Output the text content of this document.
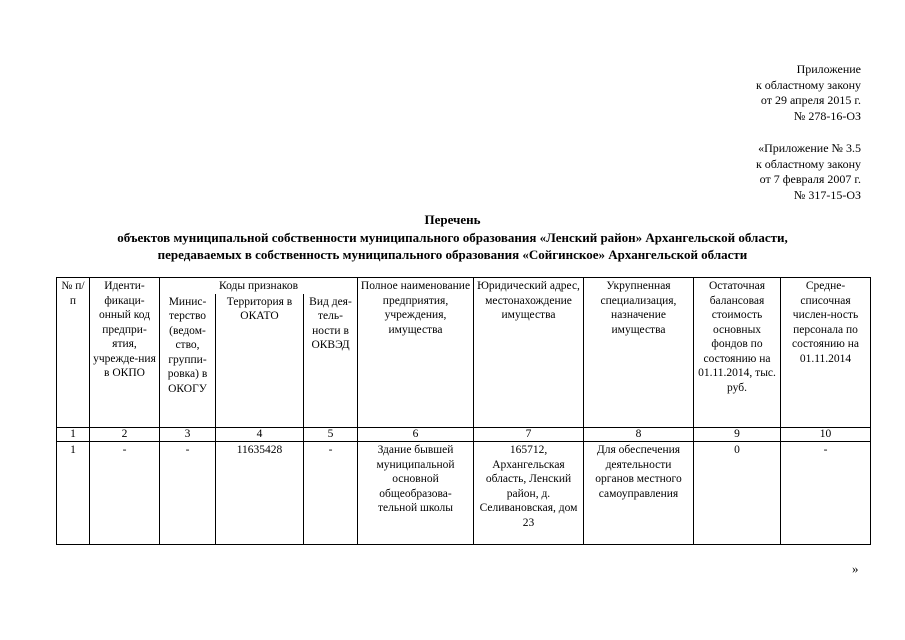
Приложение
к областному закону
от 29 апреля 2015 г.
№ 278-16-ОЗ
«Приложение № 3.5
к областному закону
от 7 февраля 2007 г.
№ 317-15-ОЗ
Перечень
объектов муниципальной собственности муниципального образования «Ленский район» Архангельской области,
передаваемых в собственность муниципального образования «Сойгинское» Архангельской области
№ п/п	Иденти-фикаци-онный код предпри-ятия, учрежде-ния в ОКПО	Коды признаков			Полное наименование предприятия, учреждения, имущества	Юридический адрес, местонахождение имущества	Укрупненная специализация, назначение имущества	Остаточная балансовая стоимость основных фондов по состоянию на 01.11.2014, тыс. руб.	Средне-списочная числен-ность персонала по состоянию на 01.11.2014
		Минис-терство (ведом-ство, группи-ровка) в ОКОГУ	Территория в ОКАТО	Вид дея-тель-ности в ОКВЭД					
1	2	3	4	5	6	7	8	9	10
1	-	-	11635428	-	Здание бывшей муниципальной основной общеобразова-тельной школы	165712, Архангельская область, Ленский район, д. Селивановская, дом 23	Для обеспечения деятельности органов местного самоуправления	0	-
»
